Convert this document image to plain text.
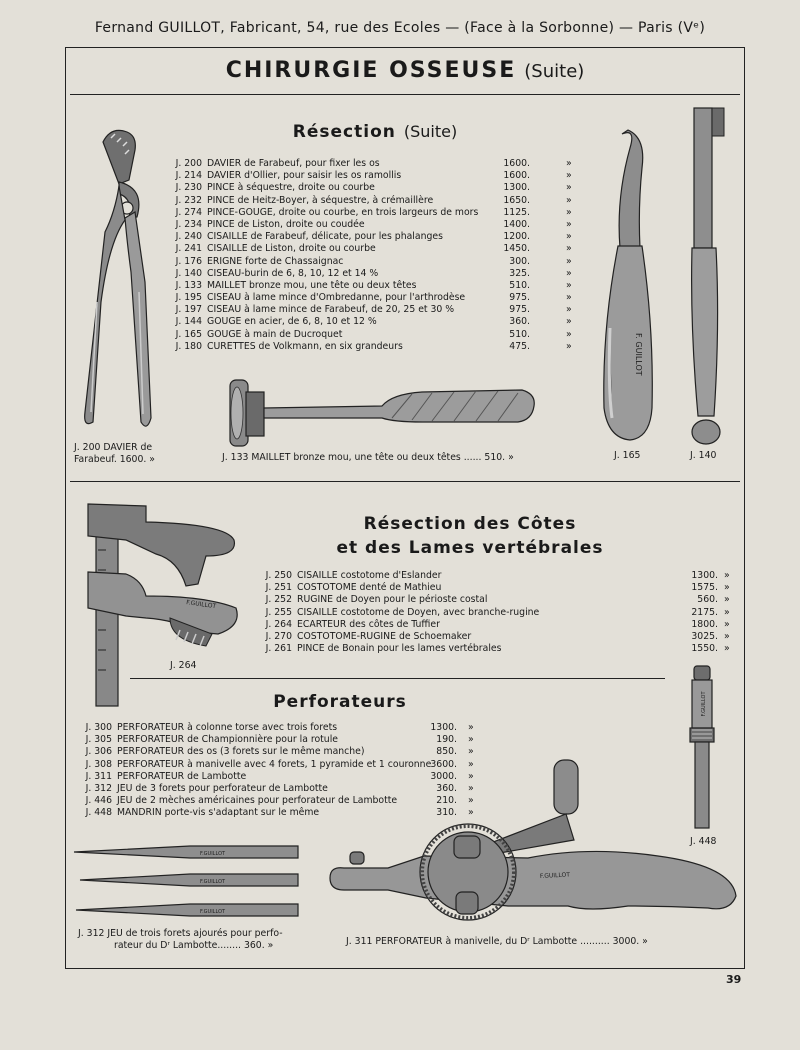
Fernand GUILLOT, Fabricant, 54, rue des Ecoles — (Face à la Sorbonne) — Paris (Vᵉ)
CHIRURGIE OSSEUSE (Suite)
Résection (Suite)
J. 200 DAVIER de Farabeuf, pour fixer les os	1600.	»
J. 214 DAVIER d'Ollier, pour saisir les os ramollis	1600.	»
J. 230 PINCE à séquestre, droite ou courbe	1300.	»
J. 232 PINCE de Heitz-Boyer, à séquestre, à crémaillère	1650.	»
J. 274 PINCE-GOUGE, droite ou courbe, en trois largeurs de mors	1125.	»
J. 234 PINCE de Liston, droite ou coudée	1400.	»
J. 240 CISAILLE de Farabeuf, délicate, pour les phalanges	1200.	»
J. 241 CISAILLE de Liston, droite ou courbe	1450.	»
J. 176 ERIGNE forte de Chassaignac	300.	»
J. 140 CISEAU-burin de 6, 8, 10, 12 et 14 %	325.	»
J. 133 MAILLET bronze mou, une tête ou deux têtes	510.	»
J. 195 CISEAU à lame mince d'Ombredanne, pour l'arthrodèse	975.	»
J. 197 CISEAU à lame mince de Farabeuf, de 20, 25 et 30 %	975.	»
J. 144 GOUGE en acier, de 6, 8, 10 et 12 %	360.	»
J. 165 GOUGE à main de Ducroquet	510.	»
J. 180 CURETTES de Volkmann, en six grandeurs	475.	»	F. GUILLOT
J. 200 DAVIER de
Farabeuf. 1600. »	J. 133 MAILLET bronze mou, une tête ou deux têtes ...... 510. »	J. 165	J. 140
Résection des Côtes
et des Lames vertébrales
J. 250 CISAILLE costotome d'Eslander	1300. »
J. 251 COSTOTOME denté de Mathieu	1575. »
J. 252 RUGINE de Doyen pour le périoste costal	560. »
J. 255 CISAILLE costotome de Doyen, avec branche-rugine	2175. »
J. 264 ECARTEUR des côtes de Tuffier	1800. »
J. 270 COSTOTOME-RUGINE de Schoemaker	3025. »
J. 261 PINCE de Bonain pour les lames vertébrales	1550. »
F.GUILLOT
J. 264
Perforateurs
J. 300 PERFORATEUR à colonne torse avec trois forets	1300. »
J. 305 PERFORATEUR de Championnière pour la rotule	190. »
J. 306 PERFORATEUR des os (3 forets sur le même manche)	850. »
J. 308 PERFORATEUR à manivelle avec 4 forets, 1 pyramide et 1 couronne 3600. »
J. 311 PERFORATEUR de Lambotte	3000. »
J. 312 JEU de 3 forets pour perforateur de Lambotte	360. »
J. 446 JEU de 2 mèches américaines pour perforateur de Lambotte	210. »
J. 448 MANDRIN porte-vis s'adaptant sur le même	310. »
F.GUILLOT
J. 448
F.GUILLOT
F.GUILLOT
F.GUILLOT
J. 312 JEU de trois forets ajourés pour perfo-
rateur du Dʳ Lambotte........ 360. »
F.GUILLOT
J. 311 PERFORATEUR à manivelle, du Dʳ Lambotte .......... 3000. »
39
